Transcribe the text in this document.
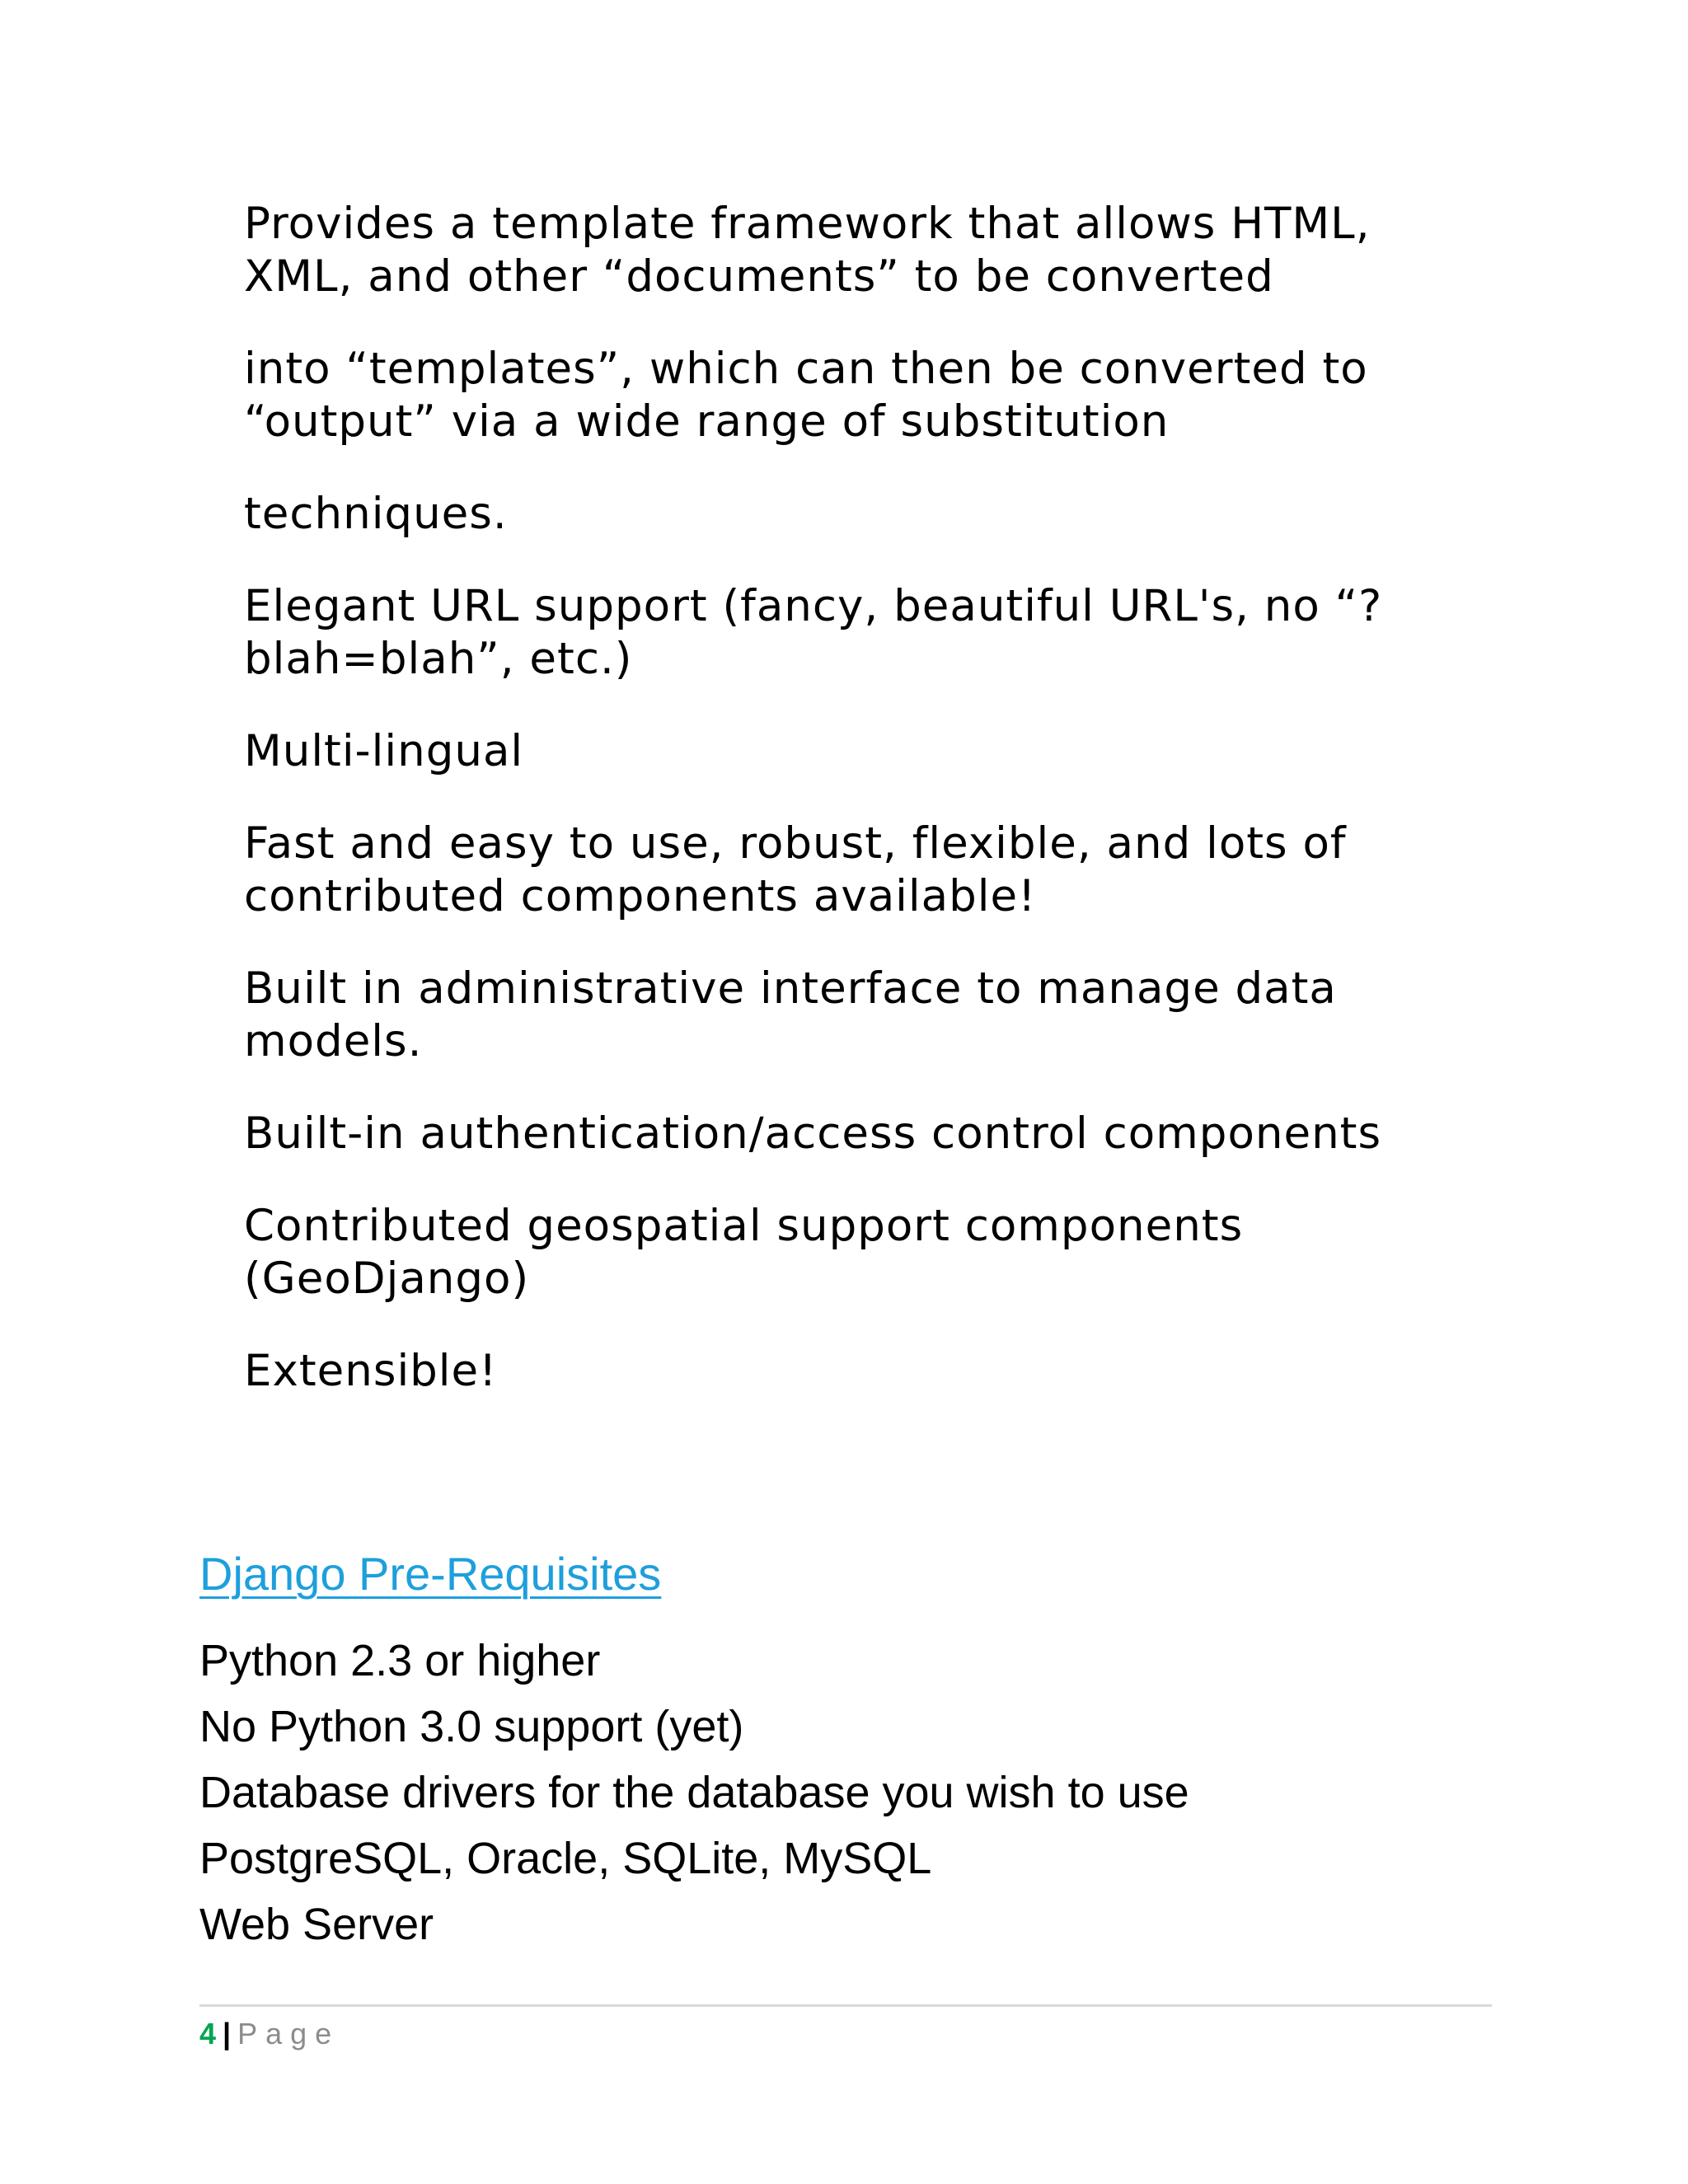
Provides a template framework that allows HTML, XML, and other “documents” to be converted

into “templates”, which can then be converted to “output” via a wide range of substitution

techniques.

Elegant URL support (fancy, beautiful URL's, no “?blah=blah”, etc.)

Multi-lingual

Fast and easy to use, robust, flexible, and lots of contributed components available!

Built in administrative interface to manage data models.

Built-in authentication/access control components

Contributed geospatial support components (GeoDjango)

Extensible!

Django Pre-Requisites
Python 2.3 or higher
No Python 3.0 support (yet)
Database drivers for the database you wish to use
PostgreSQL, Oracle, SQLite, MySQL
Web Server
4 | Page
